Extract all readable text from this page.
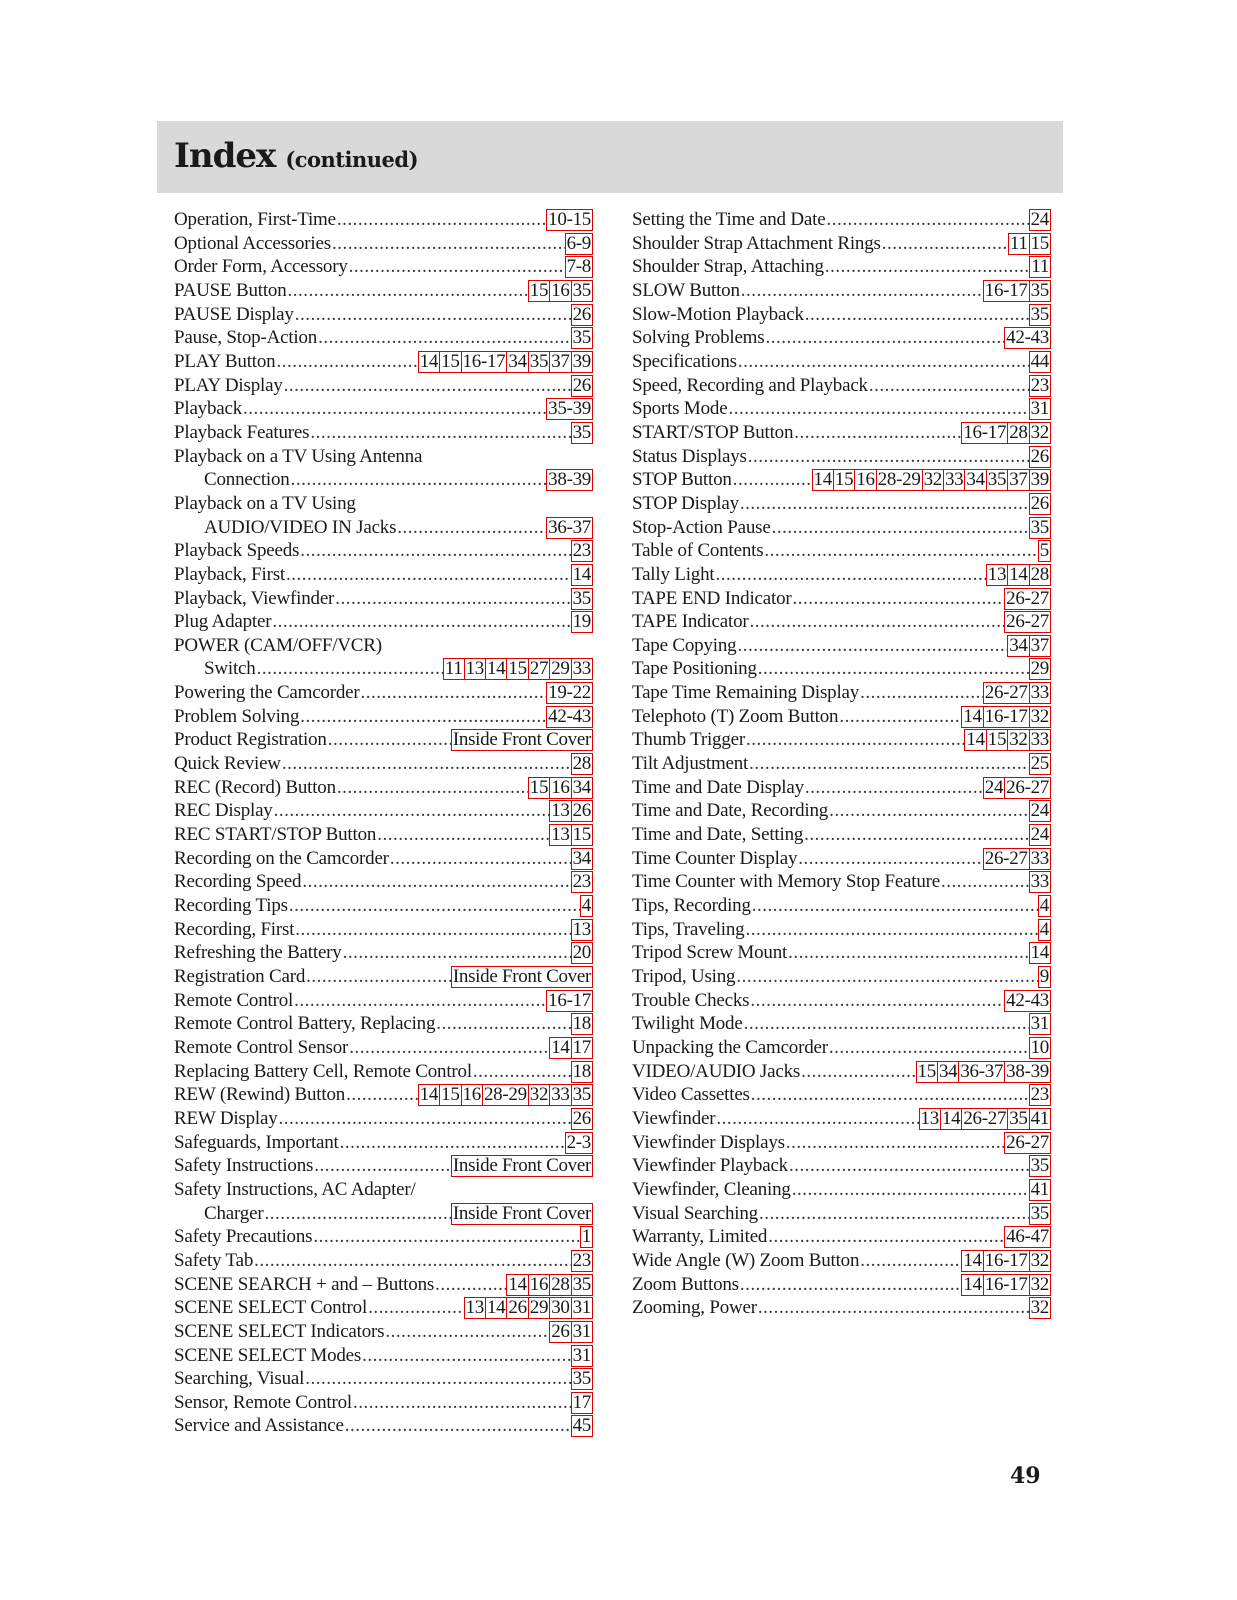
Index (continued)
Operation, First-Time .....	10-15
Optional Accessories .....	6-9
Order Form, Accessory .....	7-8
PAUSE Button .....	15 16 35
PAUSE Display .....	26
Pause, Stop-Action .....	35
PLAY Button .....	14 15 16-17 34 35 37 39
PLAY Display .....	26
Playback .....	35-39
Playback Features .....	35
Playback on a TV Using Antenna
Connection .....	38-39
Playback on a TV Using
AUDIO/VIDEO IN Jacks .....	36-37
Playback Speeds .....	23
Playback, First .....	14
Playback, Viewfinder .....	35
Plug Adapter .....	19
POWER (CAM/OFF/VCR)
Switch .....	11 13 14 15 27 29 33
Powering the Camcorder .....	19-22
Problem Solving .....	42-43
Product Registration .....	Inside Front Cover
Quick Review .....	28
REC (Record) Button .....	15 16 34
REC Display .....	13 26
REC START/STOP Button .....	13 15
Recording on the Camcorder .....	34
Recording Speed .....	23
Recording Tips .....	4
Recording, First .....	13
Refreshing the Battery .....	20
Registration Card .....	Inside Front Cover
Remote Control .....	16-17
Remote Control Battery, Replacing .....	18
Remote Control Sensor .....	14 17
Replacing Battery Cell, Remote Control .....	18
REW (Rewind) Button .....	14 15 16 28-29 32 33 35
REW Display .....	26
Safeguards, Important .....	2-3
Safety Instructions .....	Inside Front Cover
Safety Instructions, AC Adapter/
Charger .....	Inside Front Cover
Safety Precautions .....	1
Safety Tab .....	23
SCENE SEARCH + and – Buttons .....	14 16 28 35
SCENE SELECT Control .....	13 14 26 29 30 31
SCENE SELECT Indicators .....	26 31
SCENE SELECT Modes .....	31
Searching, Visual .....	35
Sensor, Remote Control .....	17
Service and Assistance .....	45
Setting the Time and Date .....	24
Shoulder Strap Attachment Rings .....	11 15
Shoulder Strap, Attaching .....	11
SLOW Button .....	16-17 35
Slow-Motion Playback .....	35
Solving Problems .....	42-43
Specifications .....	44
Speed, Recording and Playback .....	23
Sports Mode .....	31
START/STOP Button .....	16-17 28 32
Status Displays .....	26
STOP Button .....	14 15 16 28-29 32 33 34 35 37 39
STOP Display .....	26
Stop-Action Pause .....	35
Table of Contents .....	5
Tally Light .....	13 14 28
TAPE END Indicator .....	26-27
TAPE Indicator .....	26-27
Tape Copying .....	34 37
Tape Positioning .....	29
Tape Time Remaining Display .....	26-27 33
Telephoto (T) Zoom Button .....	14 16-17 32
Thumb Trigger .....	14 15 32 33
Tilt Adjustment .....	25
Time and Date Display .....	24 26-27
Time and Date, Recording .....	24
Time and Date, Setting .....	24
Time Counter Display .....	26-27 33
Time Counter with Memory Stop Feature .....	33
Tips, Recording .....	4
Tips, Traveling .....	4
Tripod Screw Mount .....	14
Tripod, Using .....	9
Trouble Checks .....	42-43
Twilight Mode .....	31
Unpacking the Camcorder .....	10
VIDEO/AUDIO Jacks .....	15 34 36-37 38-39
Video Cassettes .....	23
Viewfinder .....	13 14 26-27 35 41
Viewfinder Displays .....	26-27
Viewfinder Playback .....	35
Viewfinder, Cleaning .....	41
Visual Searching .....	35
Warranty, Limited .....	46-47
Wide Angle (W) Zoom Button .....	14 16-17 32
Zoom Buttons .....	14 16-17 32
Zooming, Power .....	32
49
